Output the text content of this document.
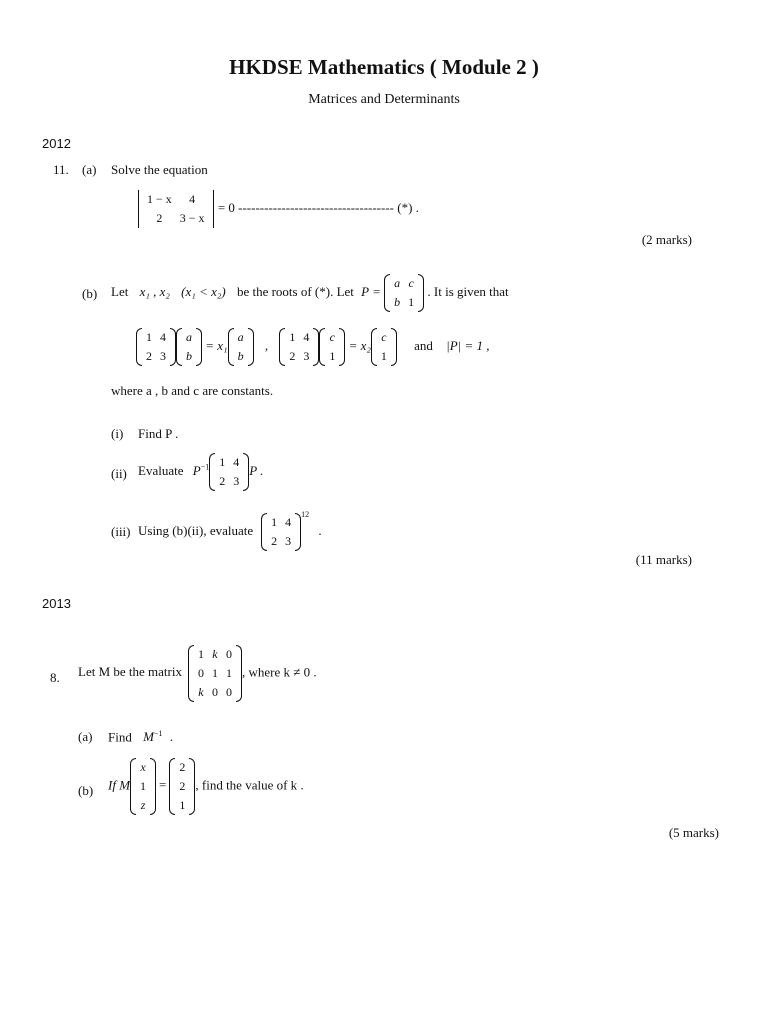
HKDSE Mathematics ( Module 2 )
Matrices and Determinants
2012
11. (a) Solve the equation
1 − x	4
2	3 − x
= 0 ------------------------------------ (*) .
(2 marks)
(b) Let x₁ , x₂ (x₁ < x₂) be the roots of (*). Let P =
a	c
b	1
. It is given that
1	4
2	3
a
b
= x₁
a
b
,
1	4
2	3
c
1
= x₂
c
1
and |P| = 1 ,
where a , b and c are constants.
(i) Find P .
(ii) Evaluate $P^{-1}$ 1	4
2	3
P .
(iii) Using (b)(ii), evaluate
1	4
2	3
$^{12}$ .
(11 marks)
2013
8. Let M be the matrix
1	k	0
0	1	1
k	0	0
, where k ≠ 0 .
(a) Find $M^{-1}$ .
(b) If M
x
1
z
=
2
2
1
, find the value of k .
(5 marks)
